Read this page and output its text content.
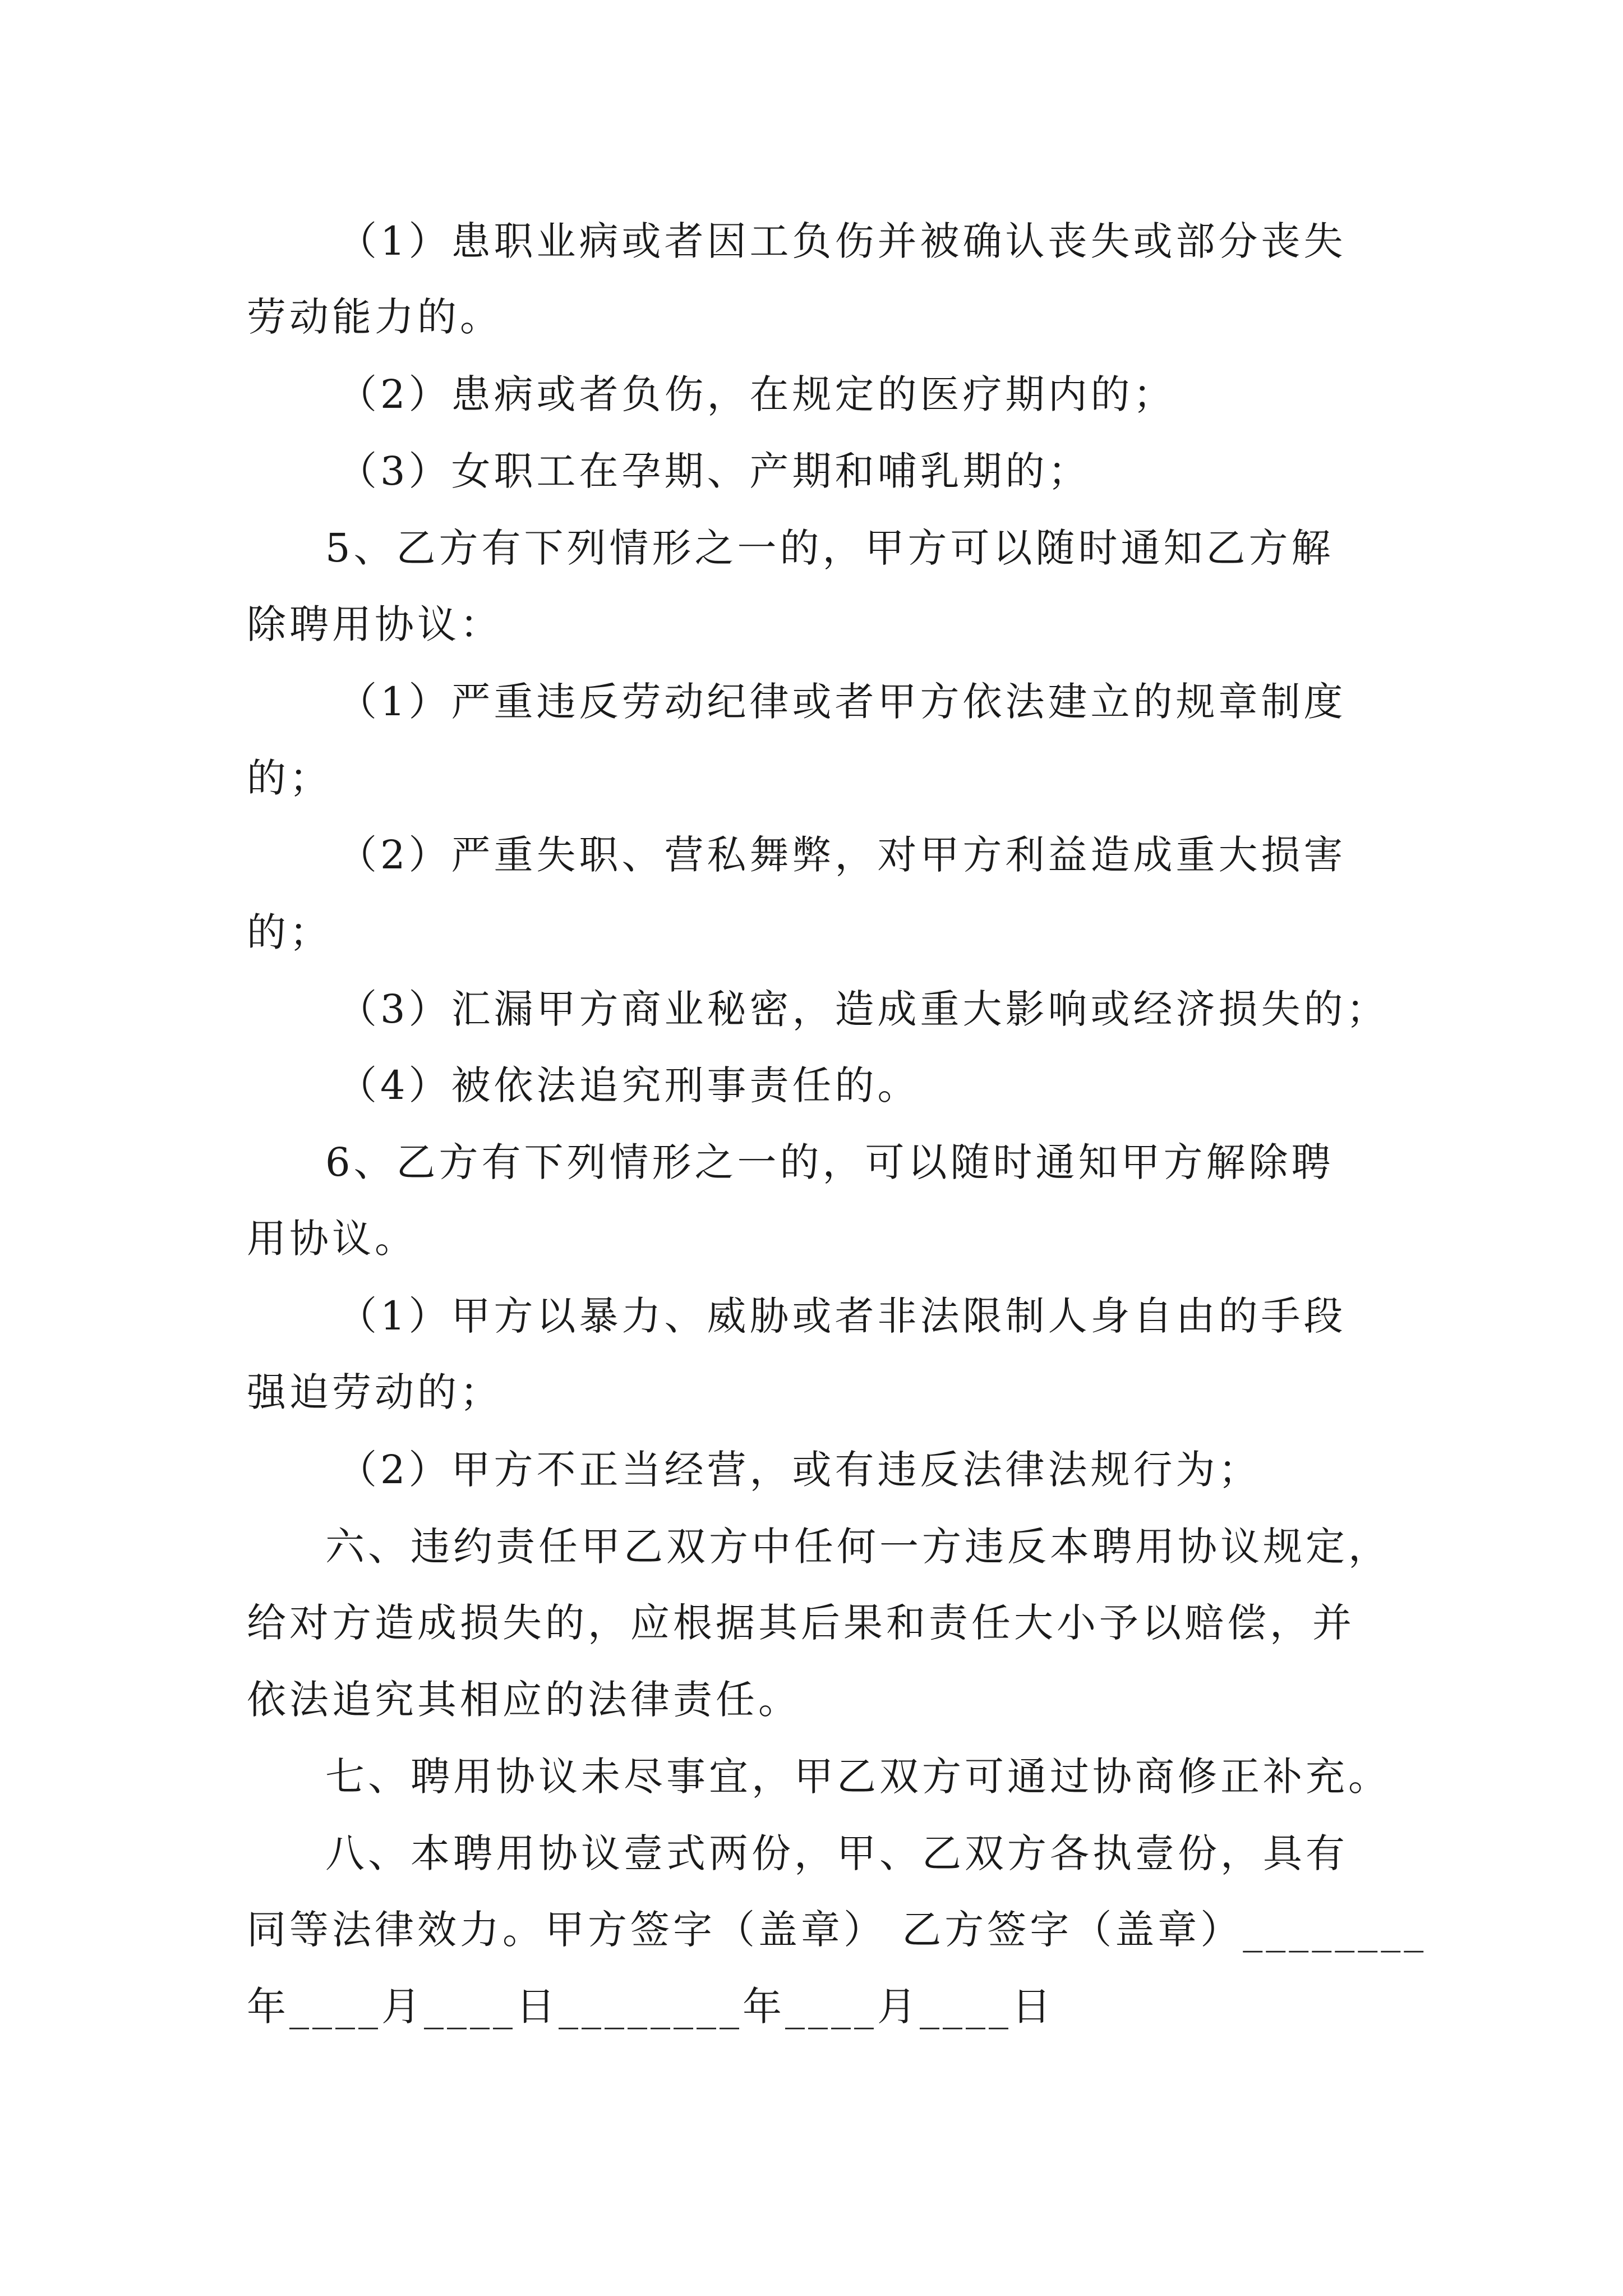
（1）患职业病或者因工负伤并被确认丧失或部分丧失
劳动能力的。
（2）患病或者负伤，在规定的医疗期内的；
（3）女职工在孕期、产期和哺乳期的；
5、乙方有下列情形之一的，甲方可以随时通知乙方解
除聘用协议：
（1）严重违反劳动纪律或者甲方依法建立的规章制度
的；
（2）严重失职、营私舞弊，对甲方利益造成重大损害
的；
（3）汇漏甲方商业秘密，造成重大影响或经济损失的；
（4）被依法追究刑事责任的。
6、乙方有下列情形之一的，可以随时通知甲方解除聘
用协议。
（1）甲方以暴力、威胁或者非法限制人身自由的手段
强迫劳动的；
（2）甲方不正当经营，或有违反法律法规行为；
六、违约责任甲乙双方中任何一方违反本聘用协议规定，
给对方造成损失的，应根据其后果和责任大小予以赔偿，并
依法追究其相应的法律责任。
七、聘用协议未尽事宜，甲乙双方可通过协商修正补充。
八、本聘用协议壹式两份，甲、乙双方各执壹份，具有
同等法律效力。甲方签字（盖章） 乙方签字（盖章）________
年____月____日________年____月____日
